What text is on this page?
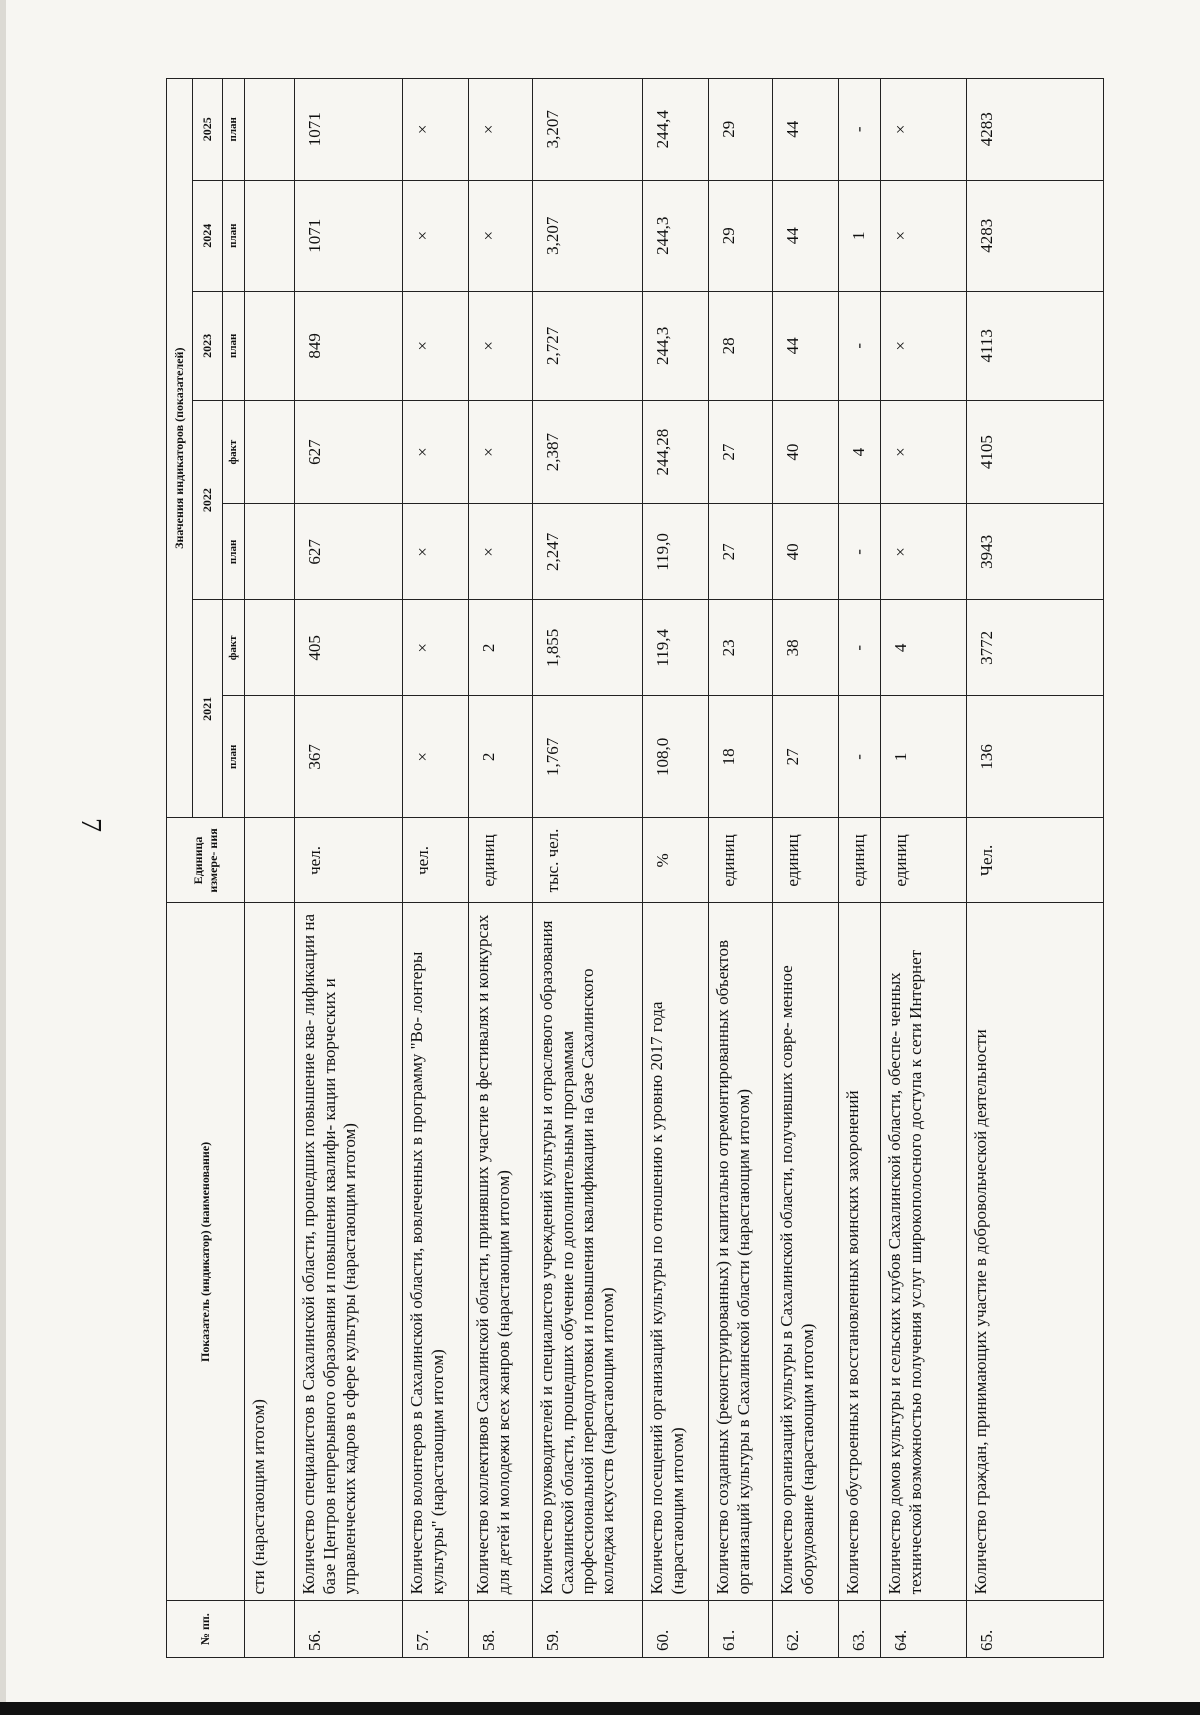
7
№ пп.	Показатель (индикатор) (наименование)	Единица измере- ния	Значения индикаторов (показателей)						
			2021		2022		2023	2024	2025
			план	факт	план	факт	план	план	план
	сти (нарастающим итогом)								
56.	Количество специалистов в Сахалинской области, прошедших повышение ква- лификации на базе Центров непрерывного образования и повышения квалифи- кации творческих и управленческих кадров в сфере культуры (нарастающим итогом)	чел.	367	405	627	627	849	1071	1071
57.	Количество волонтеров в Сахалинской области, вовлеченных в программу "Во- лонтеры культуры" (нарастающим итогом)	чел.	×	×	×	×	×	×	×
58.	Количество коллективов Сахалинской области, принявших участие в фестивалях и конкурсах для детей и молодежи всех жанров (нарастающим итогом)	единиц	2	2	×	×	×	×	×
59.	Количество руководителей и специалистов учреждений культуры и отраслевого образования Сахалинской области, прошедших обучение по дополнительным программам профессиональной переподготовки и повышения квалификации на базе Сахалинского колледжа искусств (нарастающим итогом)	тыс. чел.	1,767	1,855	2,247	2,387	2,727	3,207	3,207
60.	Количество посещений организаций культуры по отношению к уровню 2017 года (нарастающим итогом)	%	108,0	119,4	119,0	244,28	244,3	244,3	244,4
61.	Количество созданных (реконструированных) и капитально отремонтированных объектов организаций культуры в Сахалинской области (нарастающим итогом)	единиц	18	23	27	27	28	29	29
62.	Количество организаций культуры в Сахалинской области, получивших совре- менное оборудование (нарастающим итогом)	единиц	27	38	40	40	44	44	44
63.	Количество обустроенных и восстановленных воинских захоронений	единиц	-	-	-	4	-	1	-
64.	Количество домов культуры и сельских клубов Сахалинской области, обеспе- ченных технической возможностью получения услуг широкополосного доступа к сети Интернет	единиц	1	4	×	×	×	×	×
65.	Количество граждан, принимающих участие в добровольческой деятельности	Чел.	136	3772	3943	4105	4113	4283	4283
